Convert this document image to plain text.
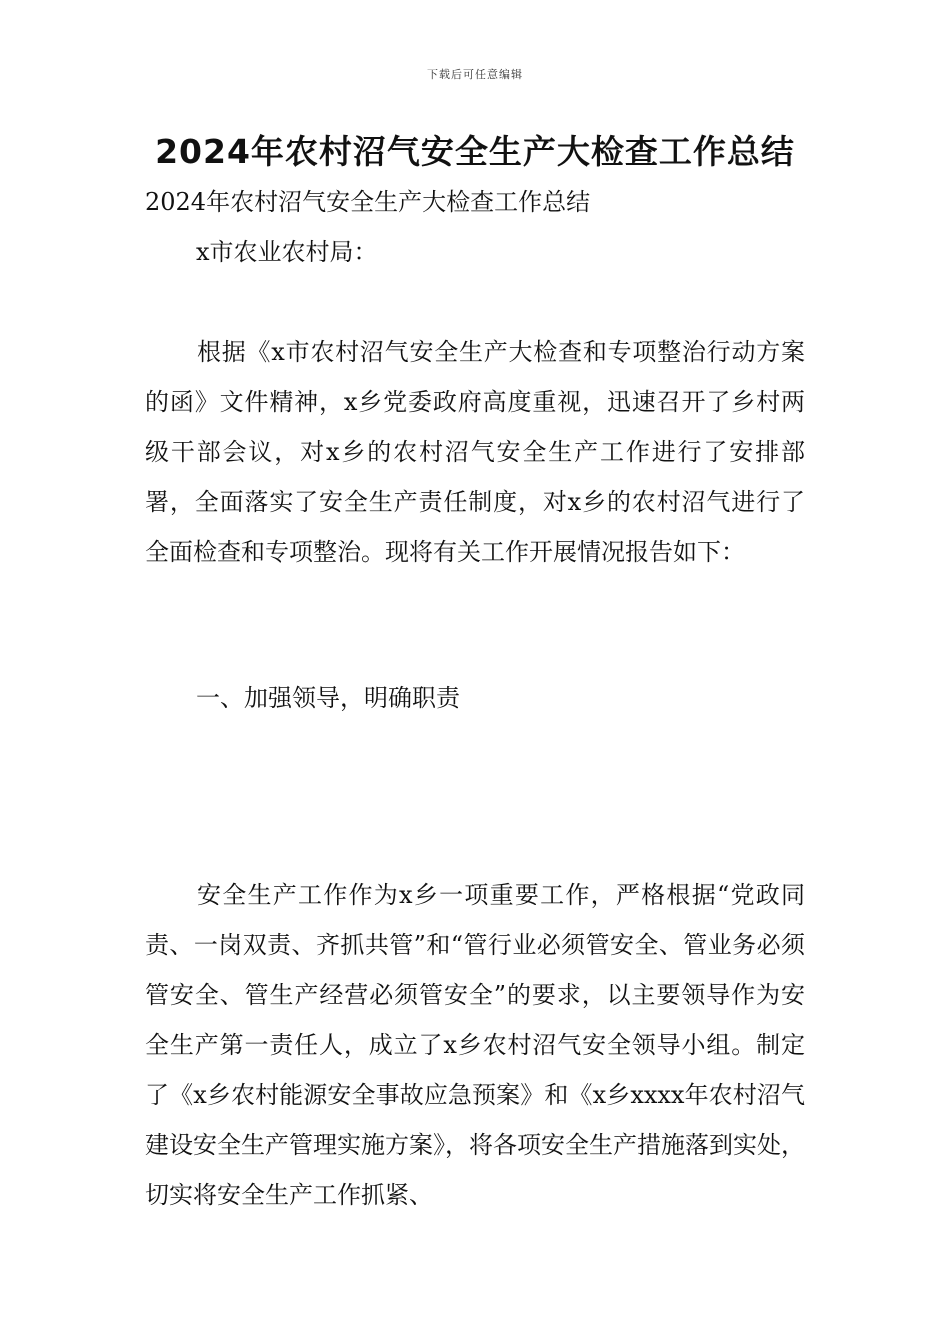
下载后可任意编辑
2024年农村沼气安全生产大检查工作总结
2024年农村沼气安全生产大检查工作总结
x市农业农村局：

根据《x市农村沼气安全生产大检查和专项整治行动方案的函》文件精神，x乡党委政府高度重视，迅速召开了乡村两级干部会议，对x乡的农村沼气安全生产工作进行了安排部署，全面落实了安全生产责任制度，对x乡的农村沼气进行了全面检查和专项整治。现将有关工作开展情况报告如下：

一、加强领导，明确职责

安全生产工作作为x乡一项重要工作，严格根据“党政同责、一岗双责、齐抓共管”和“管行业必须管安全、管业务必须管安全、管生产经营必须管安全”的要求，以主要领导作为安全生产第一责任人，成立了x乡农村沼气安全领导小组。制定了《x乡农村能源安全事故应急预案》和《x乡xxxx年农村沼气建设安全生产管理实施方案》，将各项安全生产措施落到实处，切实将安全生产工作抓紧、
